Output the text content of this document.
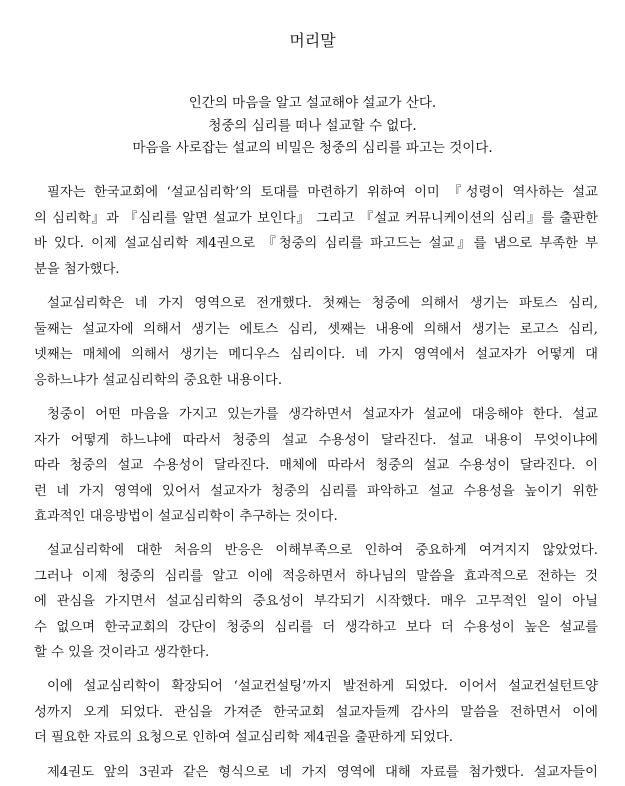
머리말
인간의 마음을 알고 설교해야 설교가 산다.
청중의 심리를 떠나 설교할 수 없다.
마음을 사로잡는 설교의 비밀은 청중의 심리를 파고는 것이다.
필자는 한국교회에 ‘설교심리학’의 토대를 마련하기 위하여 이미 『성령이 역사하는 설교
의 심리학』과 『심리를 알면 설교가 보인다』 그리고 『설교 커뮤니케이션의 심리』를 출판한
바 있다. 이제 설교심리학 제4권으로 『청중의 심리를 파고드는 설교』를 냄으로 부족한 부
분을 첨가했다.
설교심리학은 네 가지 영역으로 전개했다. 첫째는 청중에 의해서 생기는 파토스 심리,
둘째는 설교자에 의해서 생기는 에토스 심리, 셋째는 내용에 의해서 생기는 로고스 심리,
넷째는 매체에 의해서 생기는 메디우스 심리이다. 네 가지 영역에서 설교자가 어떻게 대
응하느냐가 설교심리학의 중요한 내용이다.
청중이 어떤 마음을 가지고 있는가를 생각하면서 설교자가 설교에 대응해야 한다. 설교
자가 어떻게 하느냐에 따라서 청중의 설교 수용성이 달라진다. 설교 내용이 무엇이냐에
따라 청중의 설교 수용성이 달라진다. 매체에 따라서 청중의 설교 수용성이 달라진다. 이
런 네 가지 영역에 있어서 설교자가 청중의 심리를 파악하고 설교 수용성을 높이기 위한
효과적인 대응방법이 설교심리학이 추구하는 것이다.
설교심리학에 대한 처음의 반응은 이해부족으로 인하여 중요하게 여겨지지 않았었다.
그러나 이제 청중의 심리를 알고 이에 적응하면서 하나님의 말씀을 효과적으로 전하는 것
에 관심을 가지면서 설교심리학의 중요성이 부각되기 시작했다. 매우 고무적인 일이 아닐
수 없으며 한국교회의 강단이 청중의 심리를 더 생각하고 보다 더 수용성이 높은 설교를
할 수 있을 것이라고 생각한다.
이에 설교심리학이 확장되어 ‘설교컨설팅’까지 발전하게 되었다. 이어서 설교컨설턴트양
성까지 오게 되었다. 관심을 가져준 한국교회 설교자들께 감사의 말씀을 전하면서 이에
더 필요한 자료의 요청으로 인하여 설교심리학 제4권을 출판하게 되었다.
제4권도 앞의 3권과 같은 형식으로 네 가지 영역에 대해 자료를 첨가했다. 설교자들이
